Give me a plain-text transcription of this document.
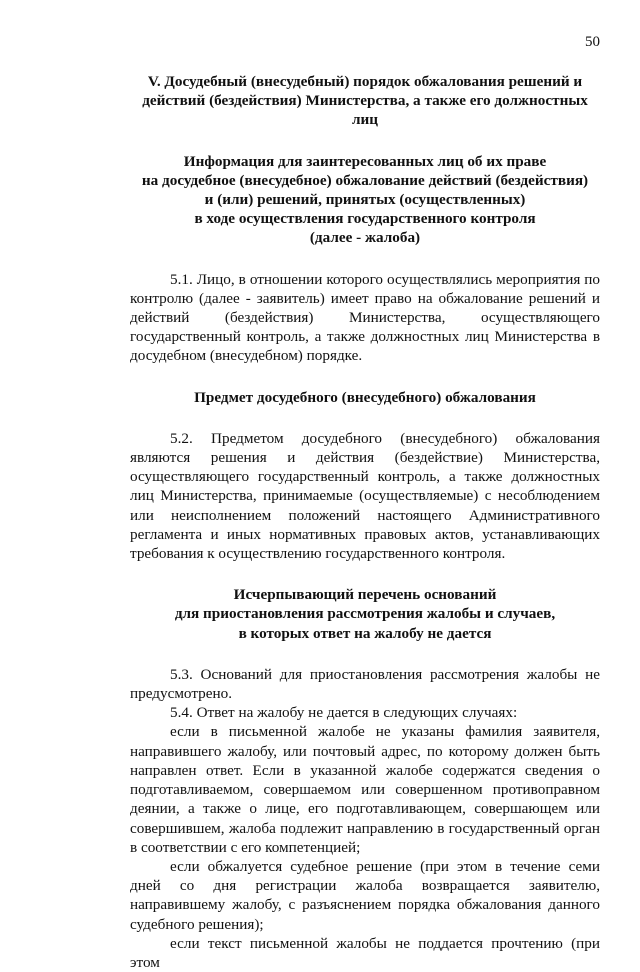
50

V. Досудебный (внесудебный) порядок обжалования решений и
действий (бездействия) Министерства, а также его должностных лиц

Информация для заинтересованных лиц об их праве
на досудебное (внесудебное) обжалование действий (бездействия)
и (или) решений, принятых (осуществленных)
в ходе осуществления государственного контроля
(далее - жалоба)

5.1. Лицо, в отношении которого осуществлялись мероприятия по контролю (далее - заявитель) имеет право на обжалование решений и действий (бездействия) Министерства, осуществляющего государственный контроль, а также должностных лиц Министерства в досудебном (внесудебном) порядке.

Предмет досудебного (внесудебного) обжалования

5.2. Предметом досудебного (внесудебного) обжалования являются решения и действия (бездействие) Министерства, осуществляющего государственный контроль, а также должностных лиц Министерства, принимаемые (осуществляемые) с несоблюдением или неисполнением положений настоящего Административного регламента и иных нормативных правовых актов, устанавливающих требования к осуществлению государственного контроля.

Исчерпывающий перечень оснований
для приостановления рассмотрения жалобы и случаев,
в которых ответ на жалобу не дается

5.3. Оснований для приостановления рассмотрения жалобы не предусмотрено.

5.4. Ответ на жалобу не дается в следующих случаях:

если в письменной жалобе не указаны фамилия заявителя, направившего жалобу, или почтовый адрес, по которому должен быть направлен ответ. Если в указанной жалобе содержатся сведения о подготавливаемом, совершаемом или совершенном противоправном деянии, а также о лице, его подготавливающем, совершающем или совершившем, жалоба подлежит направлению в государственный орган в соответствии с его компетенцией;

если обжалуется судебное решение (при этом в течение семи дней со дня регистрации жалоба возвращается заявителю, направившему жалобу, с разъяснением порядка обжалования данного судебного решения);

если текст письменной жалобы не поддается прочтению (при этом
